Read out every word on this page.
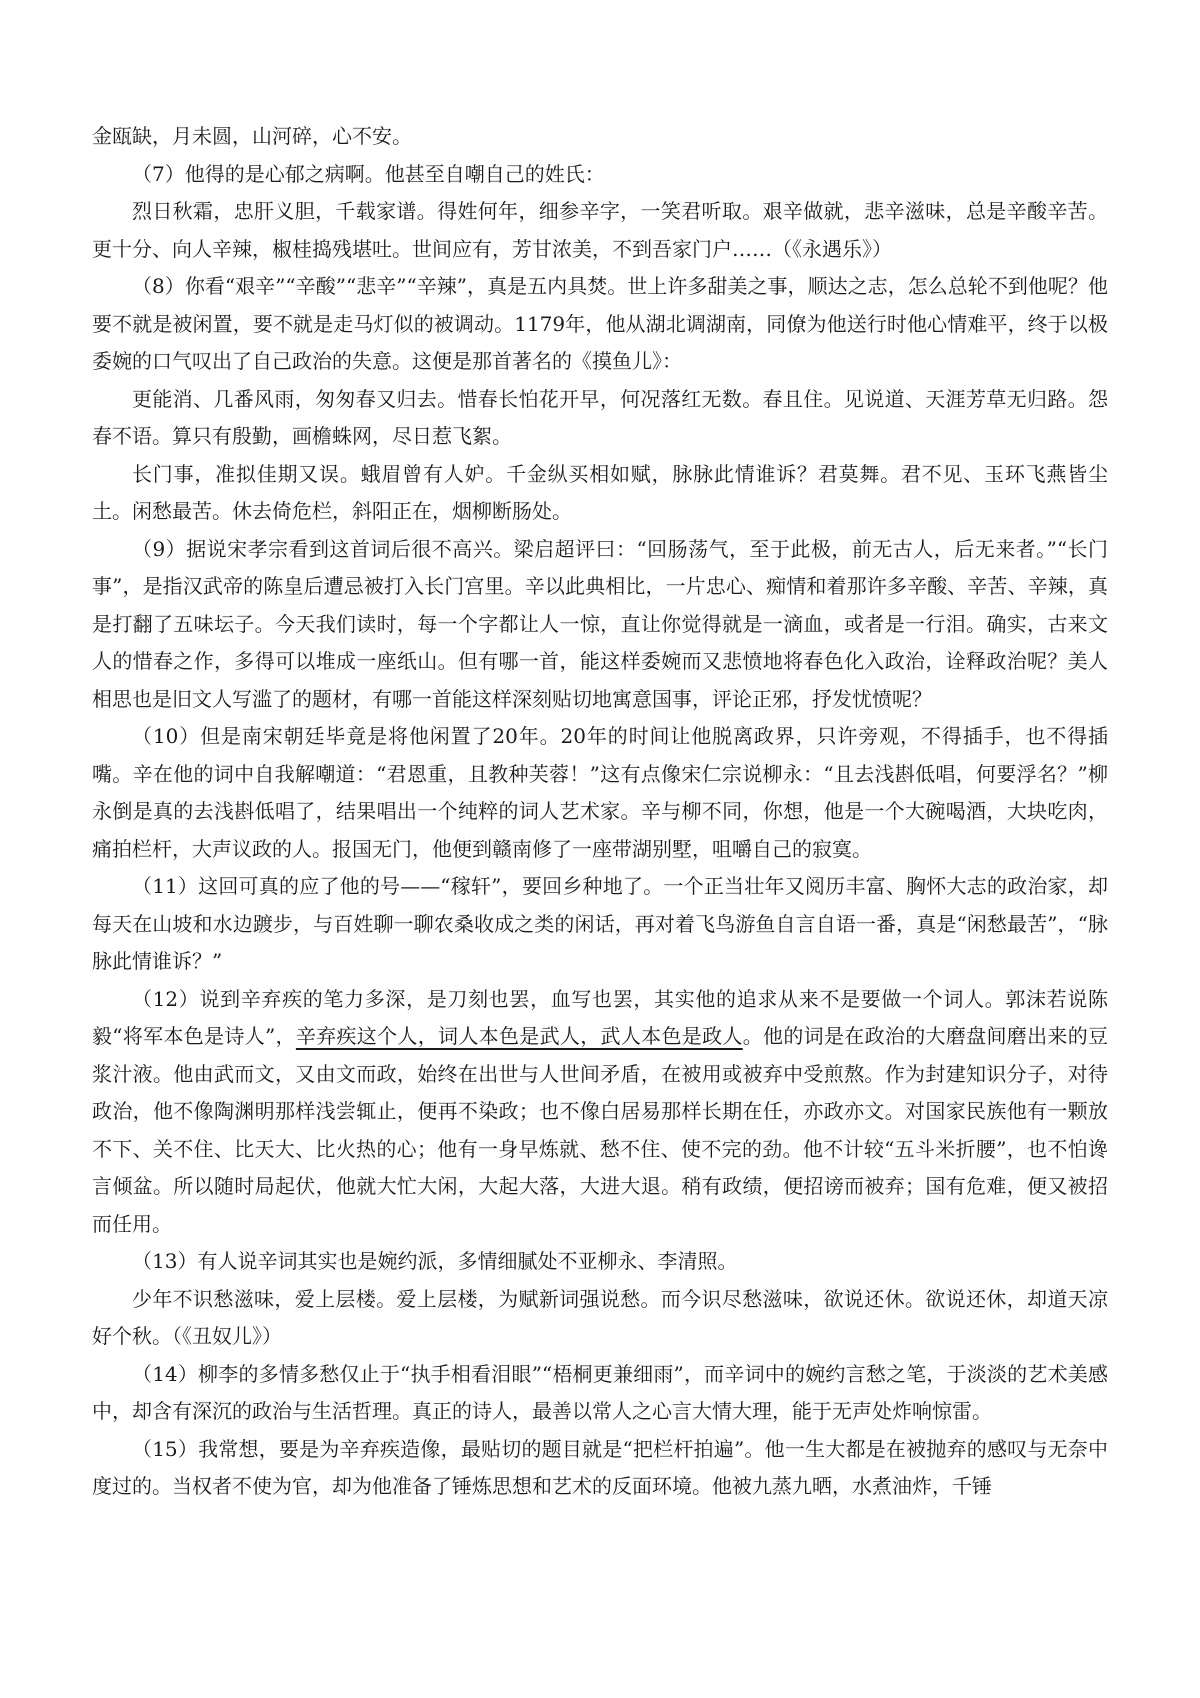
金瓯缺，月未圆，山河碎，心不安。

（7）他得的是心郁之病啊。他甚至自嘲自己的姓氏：

烈日秋霜，忠肝义胆，千载家谱。得姓何年，细参辛字，一笑君听取。艰辛做就，悲辛滋味，总是辛酸辛苦。更十分、向人辛辣，椒桂捣残堪吐。世间应有，芳甘浓美，不到吾家门户……（《永遇乐》）

（8）你看“艰辛”“辛酸”“悲辛”“辛辣”，真是五内具焚。世上许多甜美之事，顺达之志，怎么总轮不到他呢？他要不就是被闲置，要不就是走马灯似的被调动。1179年，他从湖北调湖南，同僚为他送行时他心情难平，终于以极委婉的口气叹出了自己政治的失意。这便是那首著名的《摸鱼儿》：

更能消、几番风雨，匆匆春又归去。惜春长怕花开早，何况落红无数。春且住。见说道、天涯芳草无归路。怨春不语。算只有殷勤，画檐蛛网，尽日惹飞絮。

长门事，准拟佳期又误。蛾眉曾有人妒。千金纵买相如赋，脉脉此情谁诉？君莫舞。君不见、玉环飞燕皆尘土。闲愁最苦。休去倚危栏，斜阳正在，烟柳断肠处。

（9）据说宋孝宗看到这首词后很不高兴。梁启超评曰：“回肠荡气，至于此极，前无古人，后无来者。”“长门事”，是指汉武帝的陈皇后遭忌被打入长门宫里。辛以此典相比，一片忠心、痴情和着那许多辛酸、辛苦、辛辣，真是打翻了五味坛子。今天我们读时，每一个字都让人一惊，直让你觉得就是一滴血，或者是一行泪。确实，古来文人的惜春之作，多得可以堆成一座纸山。但有哪一首，能这样委婉而又悲愤地将春色化入政治，诠释政治呢？美人相思也是旧文人写滥了的题材，有哪一首能这样深刻贴切地寓意国事，评论正邪，抒发忧愤呢？

（10）但是南宋朝廷毕竟是将他闲置了20年。20年的时间让他脱离政界，只许旁观，不得插手，也不得插嘴。辛在他的词中自我解嘲道：“君恩重，且教种芙蓉！”这有点像宋仁宗说柳永：“且去浅斟低唱，何要浮名？”柳永倒是真的去浅斟低唱了，结果唱出一个纯粹的词人艺术家。辛与柳不同，你想，他是一个大碗喝酒，大块吃肉，痛拍栏杆，大声议政的人。报国无门，他便到赣南修了一座带湖别墅，咀嚼自己的寂寞。

（11）这回可真的应了他的号——“稼轩”，要回乡种地了。一个正当壮年又阅历丰富、胸怀大志的政治家，却每天在山坡和水边踱步，与百姓聊一聊农桑收成之类的闲话，再对着飞鸟游鱼自言自语一番，真是“闲愁最苦”，“脉脉此情谁诉？”

（12）说到辛弃疾的笔力多深，是刀刻也罢，血写也罢，其实他的追求从来不是要做一个词人。郭沫若说陈毅“将军本色是诗人”，辛弃疾这个人，词人本色是武人，武人本色是政人。他的词是在政治的大磨盘间磨出来的豆浆汁液。他由武而文，又由文而政，始终在出世与人世间矛盾，在被用或被弃中受煎熬。作为封建知识分子，对待政治，他不像陶渊明那样浅尝辄止，便再不染政；也不像白居易那样长期在任，亦政亦文。对国家民族他有一颗放不下、关不住、比天大、比火热的心；他有一身早炼就、愁不住、使不完的劲。他不计较“五斗米折腰”，也不怕谗言倾盆。所以随时局起伏，他就大忙大闲，大起大落，大进大退。稍有政绩，便招谤而被弃；国有危难，便又被招而任用。

（13）有人说辛词其实也是婉约派，多情细腻处不亚柳永、李清照。

少年不识愁滋味，爱上层楼。爱上层楼，为赋新词强说愁。而今识尽愁滋味，欲说还休。欲说还休，却道天凉好个秋。（《丑奴儿》）

（14）柳李的多情多愁仅止于“执手相看泪眼”“梧桐更兼细雨”，而辛词中的婉约言愁之笔，于淡淡的艺术美感中，却含有深沉的政治与生活哲理。真正的诗人，最善以常人之心言大情大理，能于无声处炸响惊雷。

（15）我常想，要是为辛弃疾造像，最贴切的题目就是“把栏杆拍遍”。他一生大都是在被抛弃的感叹与无奈中度过的。当权者不使为官，却为他准备了锤炼思想和艺术的反面环境。他被九蒸九晒，水煮油炸，千锤
